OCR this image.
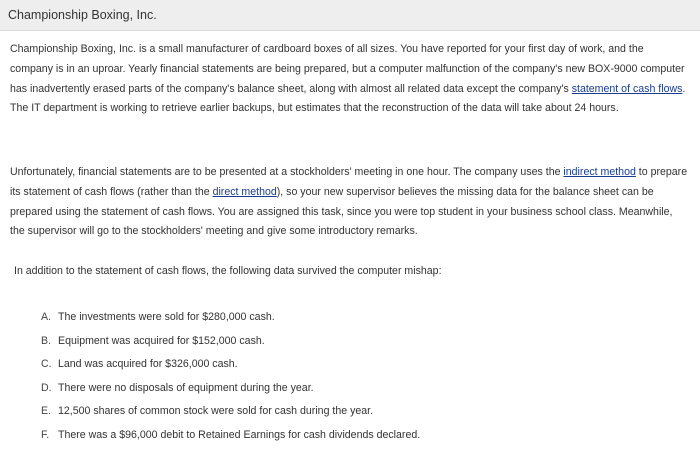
Championship Boxing, Inc.

Championship Boxing, Inc. is a small manufacturer of cardboard boxes of all sizes. You have reported for your first day of work, and the company is in an uproar. Yearly financial statements are being prepared, but a computer malfunction of the company's new BOX-9000 computer has inadvertently erased parts of the company's balance sheet, along with almost all related data except the company's statement of cash flows. The IT department is working to retrieve earlier backups, but estimates that the reconstruction of the data will take about 24 hours.

Unfortunately, financial statements are to be presented at a stockholders' meeting in one hour. The company uses the indirect method to prepare its statement of cash flows (rather than the direct method), so your new supervisor believes the missing data for the balance sheet can be prepared using the statement of cash flows. You are assigned this task, since you were top student in your business school class. Meanwhile, the supervisor will go to the stockholders' meeting and give some introductory remarks.

In addition to the statement of cash flows, the following data survived the computer mishap:

A. The investments were sold for $280,000 cash.
B. Equipment was acquired for $152,000 cash.
C. Land was acquired for $326,000 cash.
D. There were no disposals of equipment during the year.
E. 12,500 shares of common stock were sold for cash during the year.
F. There was a $96,000 debit to Retained Earnings for cash dividends declared.
